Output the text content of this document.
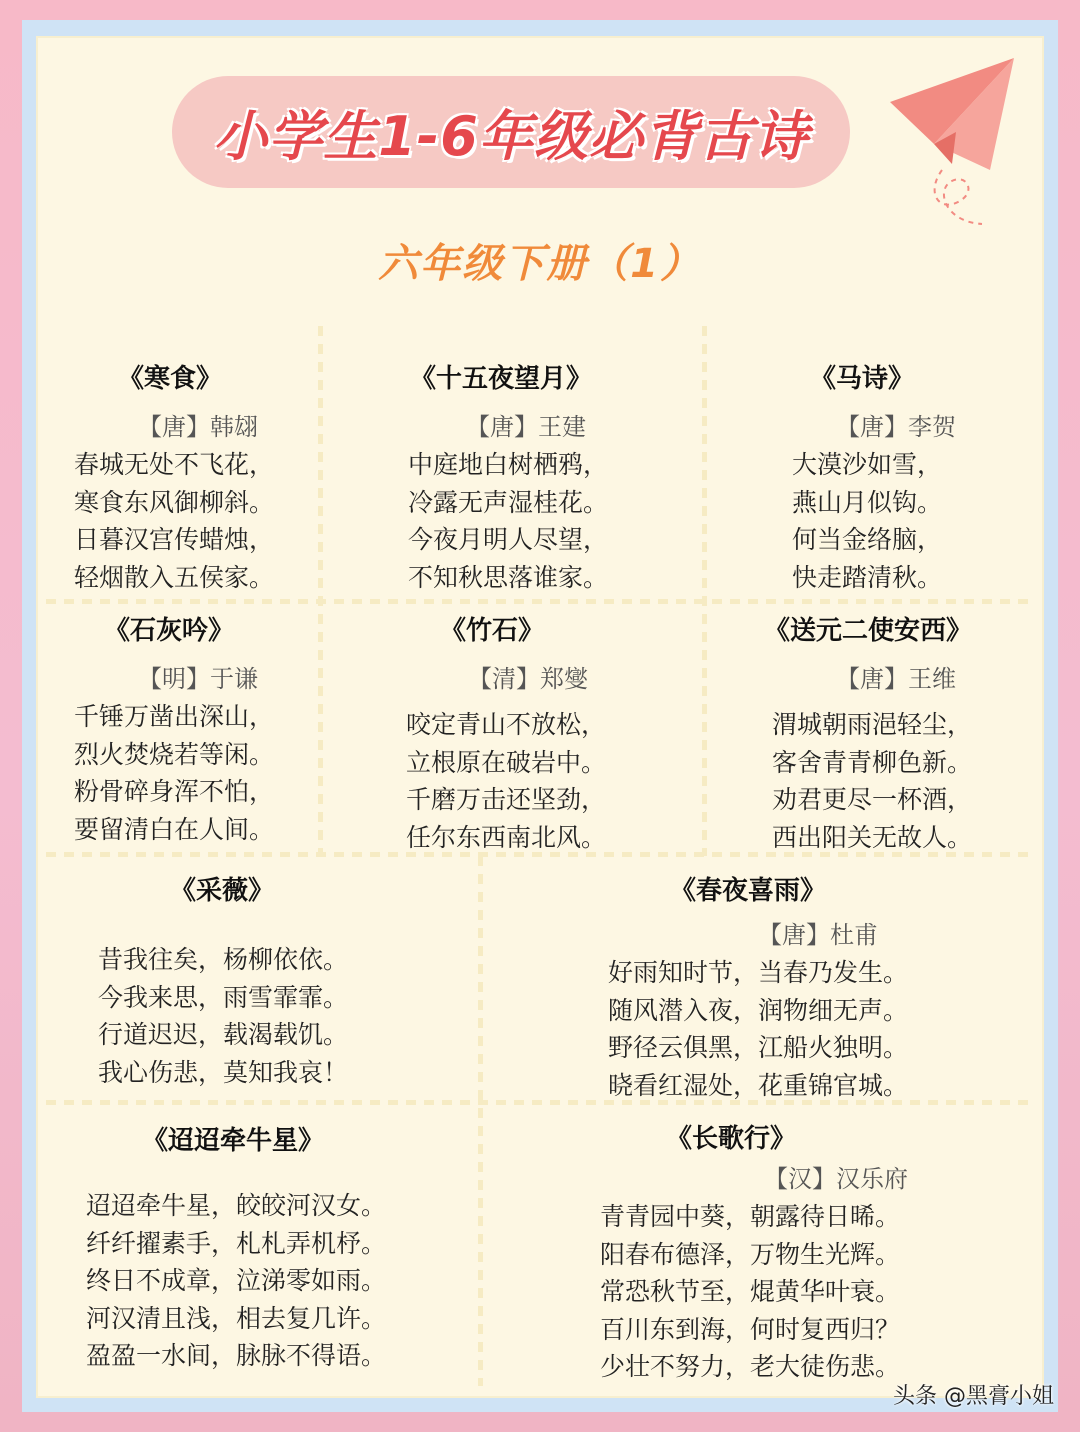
小学生1-6年级必背古诗
六年级下册（1）
《寒食》
【唐】韩翃
春城无处不飞花，
寒食东风御柳斜。
日暮汉宫传蜡烛，
轻烟散入五侯家。
《十五夜望月》
【唐】王建
中庭地白树栖鸦，
冷露无声湿桂花。
今夜月明人尽望，
不知秋思落谁家。
《马诗》
【唐】李贺
大漠沙如雪，
燕山月似钩。
何当金络脑，
快走踏清秋。
《石灰吟》
【明】于谦
千锤万凿出深山，
烈火焚烧若等闲。
粉骨碎身浑不怕，
要留清白在人间。
《竹石》
【清】郑燮
咬定青山不放松，
立根原在破岩中。
千磨万击还坚劲，
任尔东西南北风。
《送元二使安西》
【唐】王维
渭城朝雨浥轻尘，
客舍青青柳色新。
劝君更尽一杯酒，
西出阳关无故人。
《采薇》
昔我往矣，杨柳依依。
今我来思，雨雪霏霏。
行道迟迟，载渴载饥。
我心伤悲，莫知我哀！
《春夜喜雨》
【唐】杜甫
好雨知时节，当春乃发生。
随风潜入夜，润物细无声。
野径云俱黑，江船火独明。
晓看红湿处，花重锦官城。
《迢迢牵牛星》
迢迢牵牛星，皎皎河汉女。
纤纤擢素手，札札弄机杼。
终日不成章，泣涕零如雨。
河汉清且浅，相去复几许。
盈盈一水间，脉脉不得语。
《长歌行》
【汉】汉乐府
青青园中葵，朝露待日晞。
阳春布德泽，万物生光辉。
常恐秋节至，焜黄华叶衰。
百川东到海，何时复西归？
少壮不努力，老大徒伤悲。
头条 @黑膏小姐
